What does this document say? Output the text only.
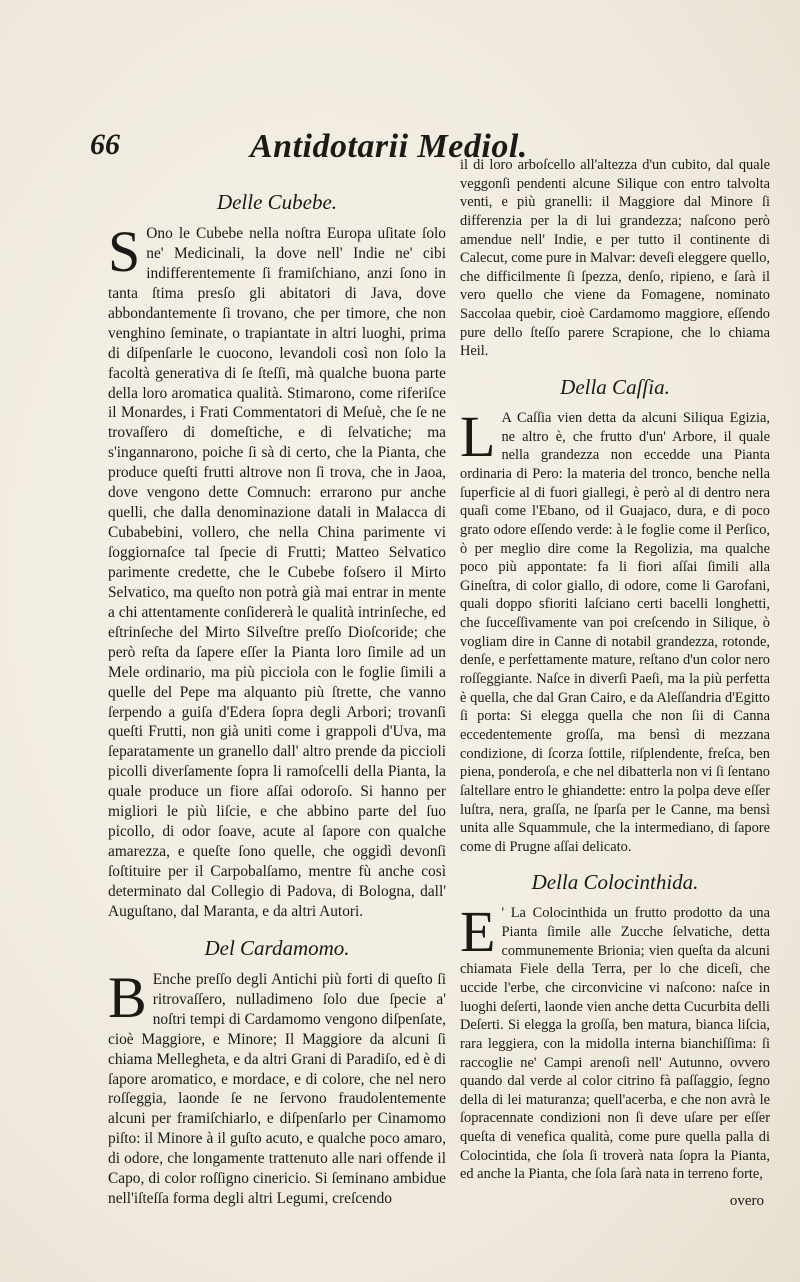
66	Antidotarii Mediol.
Delle Cubebe.

S Ono le Cubebe nella noſtra Europa uſitate ſolo ne' Medicinali, la dove nell' Indie ne' cibi indifferentemente ſi framiſchiano, anzi ſono in tanta ſtima presſo gli abitatori di Java, dove abbondantemente ſi trovano, che per timore, che non venghino ſeminate, o trapiantate in altri luoghi, prima di diſpenſarle le cuocono, levandoli così non ſolo la facoltà generativa di ſe ſteſſi, mà qualche buona parte della loro aromatica qualità. Stimarono, come riferiſce il Monardes, i Frati Commentatori di Meſuè, che ſe ne trovaſſero di domeſtiche, e di ſelvatiche; ma s'ingannarono, poiche ſi sà di certo, che la Pianta, che produce queſti frutti altrove non ſi trova, che in Jaoa, dove vengono dette Comnuch: errarono pur anche quelli, che dalla denominazione datali in Malacca di Cubabebini, vollero, che nella China parimente vi ſoggiornaſce tal ſpecie di Frutti; Matteo Selvatico parimente credette, che le Cubebe foſsero il Mirto Selvatico, ma queſto non potrà già mai entrar in mente a chi attentamente conſidererà le qualità intrinſeche, ed eſtrinſeche del Mirto Silveſtre preſſo Dioſcoride; che però reſta da ſapere eſſer la Pianta loro ſimile ad un Mele ordinario, ma più picciola con le foglie ſimili a quelle del Pepe ma alquanto più ſtrette, che vanno ſerpendo a guiſa d'Edera ſopra degli Arbori; trovanſi queſti Frutti, non già uniti come i grappoli d'Uva, ma ſeparatamente un granello dall' altro prende da piccioli picolli diverſamente ſopra li ramoſcelli della Pianta, la quale produce un fiore aſſai odoroſo. Si hanno per migliori le più liſcie, e che abbino parte del ſuo picollo, di odor ſoave, acute al ſapore con qualche amarezza, e queſte ſono quelle, che oggidì devonſi ſoſtituire per il Carpobalſamo, mentre fù anche così determinato dal Collegio di Padova, di Bologna, dall' Auguſtano, dal Maranta, e da altri Autori.

Del Cardamomo.

B Enche preſſo degli Antichi più forti di queſto ſi ritrovaſſero, nulladimeno ſolo due ſpecie a' noſtri tempi di Cardamomo vengono diſpenſate, cioè Maggiore, e Minore; Il Maggiore da alcuni ſi chiama Mellegheta, e da altri Grani di Paradiſo, ed è di ſapore aromatico, e mordace, e di colore, che nel nero roſſeggia, laonde ſe ne ſervono fraudolentemente alcuni per framiſchiarlo, e diſpenſarlo per Cinamomo piſto: il Minore à il guſto acuto, e qualche poco amaro, di odore, che longamente trattenuto alle nari offende il Capo, di color roſſigno cinericio. Si ſeminano ambidue nell'iſteſſa forma degli altri Legumi, creſcendo

il di loro arboſcello all'altezza d'un cubito, dal quale veggonſi pendenti alcune Silique con entro talvolta venti, e più granelli: il Maggiore dal Minore ſi differenzia per la di lui grandezza; naſcono però amendue nell' Indie, e per tutto il continente di Calecut, come pure in Malvar: deveſi eleggere quello, che difficilmente ſi ſpezza, denſo, ripieno, e ſarà il vero quello che viene da Fomagene, nominato Saccolaa quebir, cioè Cardamomo maggiore, eſſendo pure dello ſteſſo parere Scrapione, che lo chiama Heil.

Della Caſſia.

L A Caſſia vien detta da alcuni Siliqua Egizia, ne altro è, che frutto d'un' Arbore, il quale nella grandezza non eccedde una Pianta ordinaria di Pero: la materia del tronco, benche nella ſuperficie al di fuori giallegi, è però al di dentro nera quaſi come l'Ebano, od il Guajaco, dura, e di poco grato odore eſſendo verde: à le foglie come il Perſico, ò per meglio dire come la Regolizia, ma qualche poco più appontate: fa li fiori aſſai ſimili alla Gineſtra, di color giallo, di odore, come li Garofani, quali doppo sfioriti laſciano certi bacelli longhetti, che ſucceſſivamente van poi creſcendo in Silique, ò vogliam dire in Canne di notabil grandezza, rotonde, denſe, e perfettamente mature, reſtano d'un color nero roſſeggiante. Naſce in diverſi Paeſi, ma la più perfetta è quella, che dal Gran Cairo, e da Aleſſandria d'Egitto ſi porta: Si elegga quella che non ſii di Canna eccedentemente groſſa, ma bensì di mezzana condizione, di ſcorza ſottile, riſplendente, freſca, ben piena, ponderoſa, e che nel dibatterla non vi ſi ſentano ſaltellare entro le ghiandette: entro la polpa deve eſſer luſtra, nera, graſſa, ne ſparſa per le Canne, ma bensì unita alle Squammule, che la intermediano, di ſapore come di Prugne aſſai delicato.

Della Colocinthida.

E ' La Colocinthida un frutto prodotto da una Pianta ſimile alle Zucche ſelvatiche, detta communemente Brionia; vien queſta da alcuni chiamata Fiele della Terra, per lo che diceſi, che uccide l'erbe, che circonvicine vi naſcono: naſce in luoghi deſerti, laonde vien anche detta Cucurbita delli Deſerti. Si elegga la groſſa, ben matura, bianca liſcia, rara leggiera, con la midolla interna bianchiſſima: ſi raccoglie ne' Campi arenoſi nell' Autunno, ovvero quando dal verde al color citrino fà paſſaggio, ſegno della di lei maturanza; quell'acerba, e che non avrà le ſopracennate condizioni non ſi deve uſare per eſſer queſta di venefica qualità, come pure quella palla di Colocintida, che ſola ſi troverà nata ſopra la Pianta, ed anche la Pianta, che ſola ſarà nata in terreno forte,

overo
